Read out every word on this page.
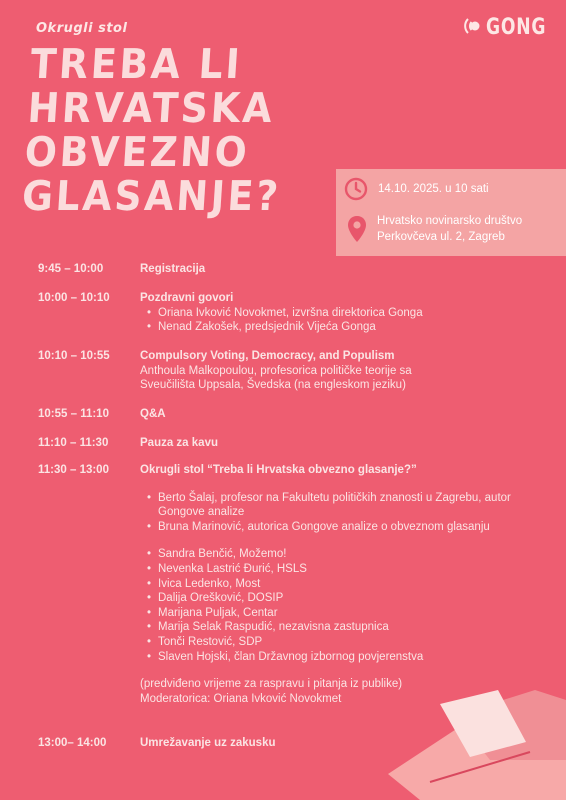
Okrugli stol	GONG
TREBA LI
HRVATSKA
OBVEZNO
GLASANJE?	14.10. 2025. u 10 sati
Hrvatsko novinarsko društvo
Perkovčeva ul. 2, Zagreb
9:45 – 10:00	Registracija
10:00 – 10:10	Pozdravni govori
• Oriana Ivković Novokmet, izvršna direktorica Gonga
• Nenad Zakošek, predsjednik Vijeća Gonga
10:10 – 10:55	Compulsory Voting, Democracy, and Populism
Anthoula Malkopoulou, profesorica političke teorije sa
Sveučilišta Uppsala, Švedska (na engleskom jeziku)
10:55 – 11:10	Q&A
11:10 – 11:30	Pauza za kavu
11:30 – 13:00	Okrugli stol “Treba li Hrvatska obvezno glasanje?”
• Berto Šalaj, profesor na Fakultetu političkih znanosti u Zagrebu, autor Gongove analize
• Bruna Marinović, autorica Gongove analize o obveznom glasanju
• Sandra Benčić, Možemo!
• Nevenka Lastrić Đurić, HSLS
• Ivica Ledenko, Most
• Dalija Orešković, DOSIP
• Marijana Puljak, Centar
• Marija Selak Raspudić, nezavisna zastupnica
• Tonči Restović, SDP
• Slaven Hojski, član Državnog izbornog povjerenstva
(predviđeno vrijeme za raspravu i pitanja iz publike)
Moderatorica: Oriana Ivković Novokmet
13:00– 14:00	Umrežavanje uz zakusku
